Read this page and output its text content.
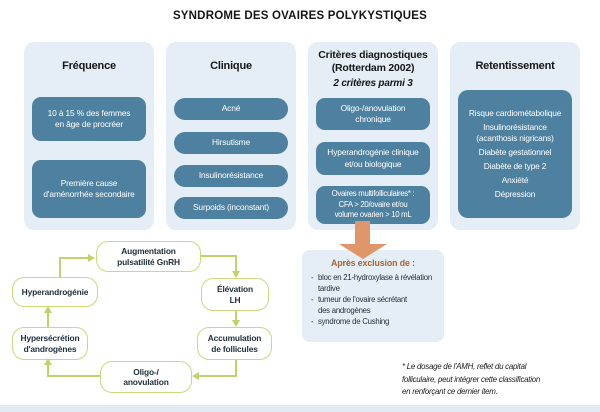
SYNDROME DES OVAIRES POLYKYSTIQUES
Fréquence
10 à 15 % des femmes
en âge de procréer
Première cause
d'aménorrhée secondaire
Clinique
Acné
Hirsutisme
Insulinorésistance
Surpoids (inconstant)
Critères diagnostiques
(Rotterdam 2002)
2 critères parmi 3
Oligo-/anovulation
chronique
Hyperandrogénie clinique
et/ou biologique
Ovaires multifolliculaires* :
CFA > 20/ovaire et/ou
volume ovarien > 10 mL
Retentissement
Risque cardiométabolique
Insulinorésistance
(acanthosis nigricans)
Diabète gestationnel
Diabète de type 2
Anxiété
Dépression
Après exclusion de :
- bloc en 21-hydroxylase à révélation
tardive
- tumeur de l'ovaire sécrétant
des androgènes
- syndrome de Cushing
Augmentation
pulsatilité GnRH
Élévation
LH
Accumulation
de follicules
Oligo-/
anovulation
Hypersécrétion
d'androgènes
Hyperandrogénie
* Le dosage de l'AMH, reflet du capital
folliculaire, peut intégrer cette classification
en renforçant ce dernier item.
